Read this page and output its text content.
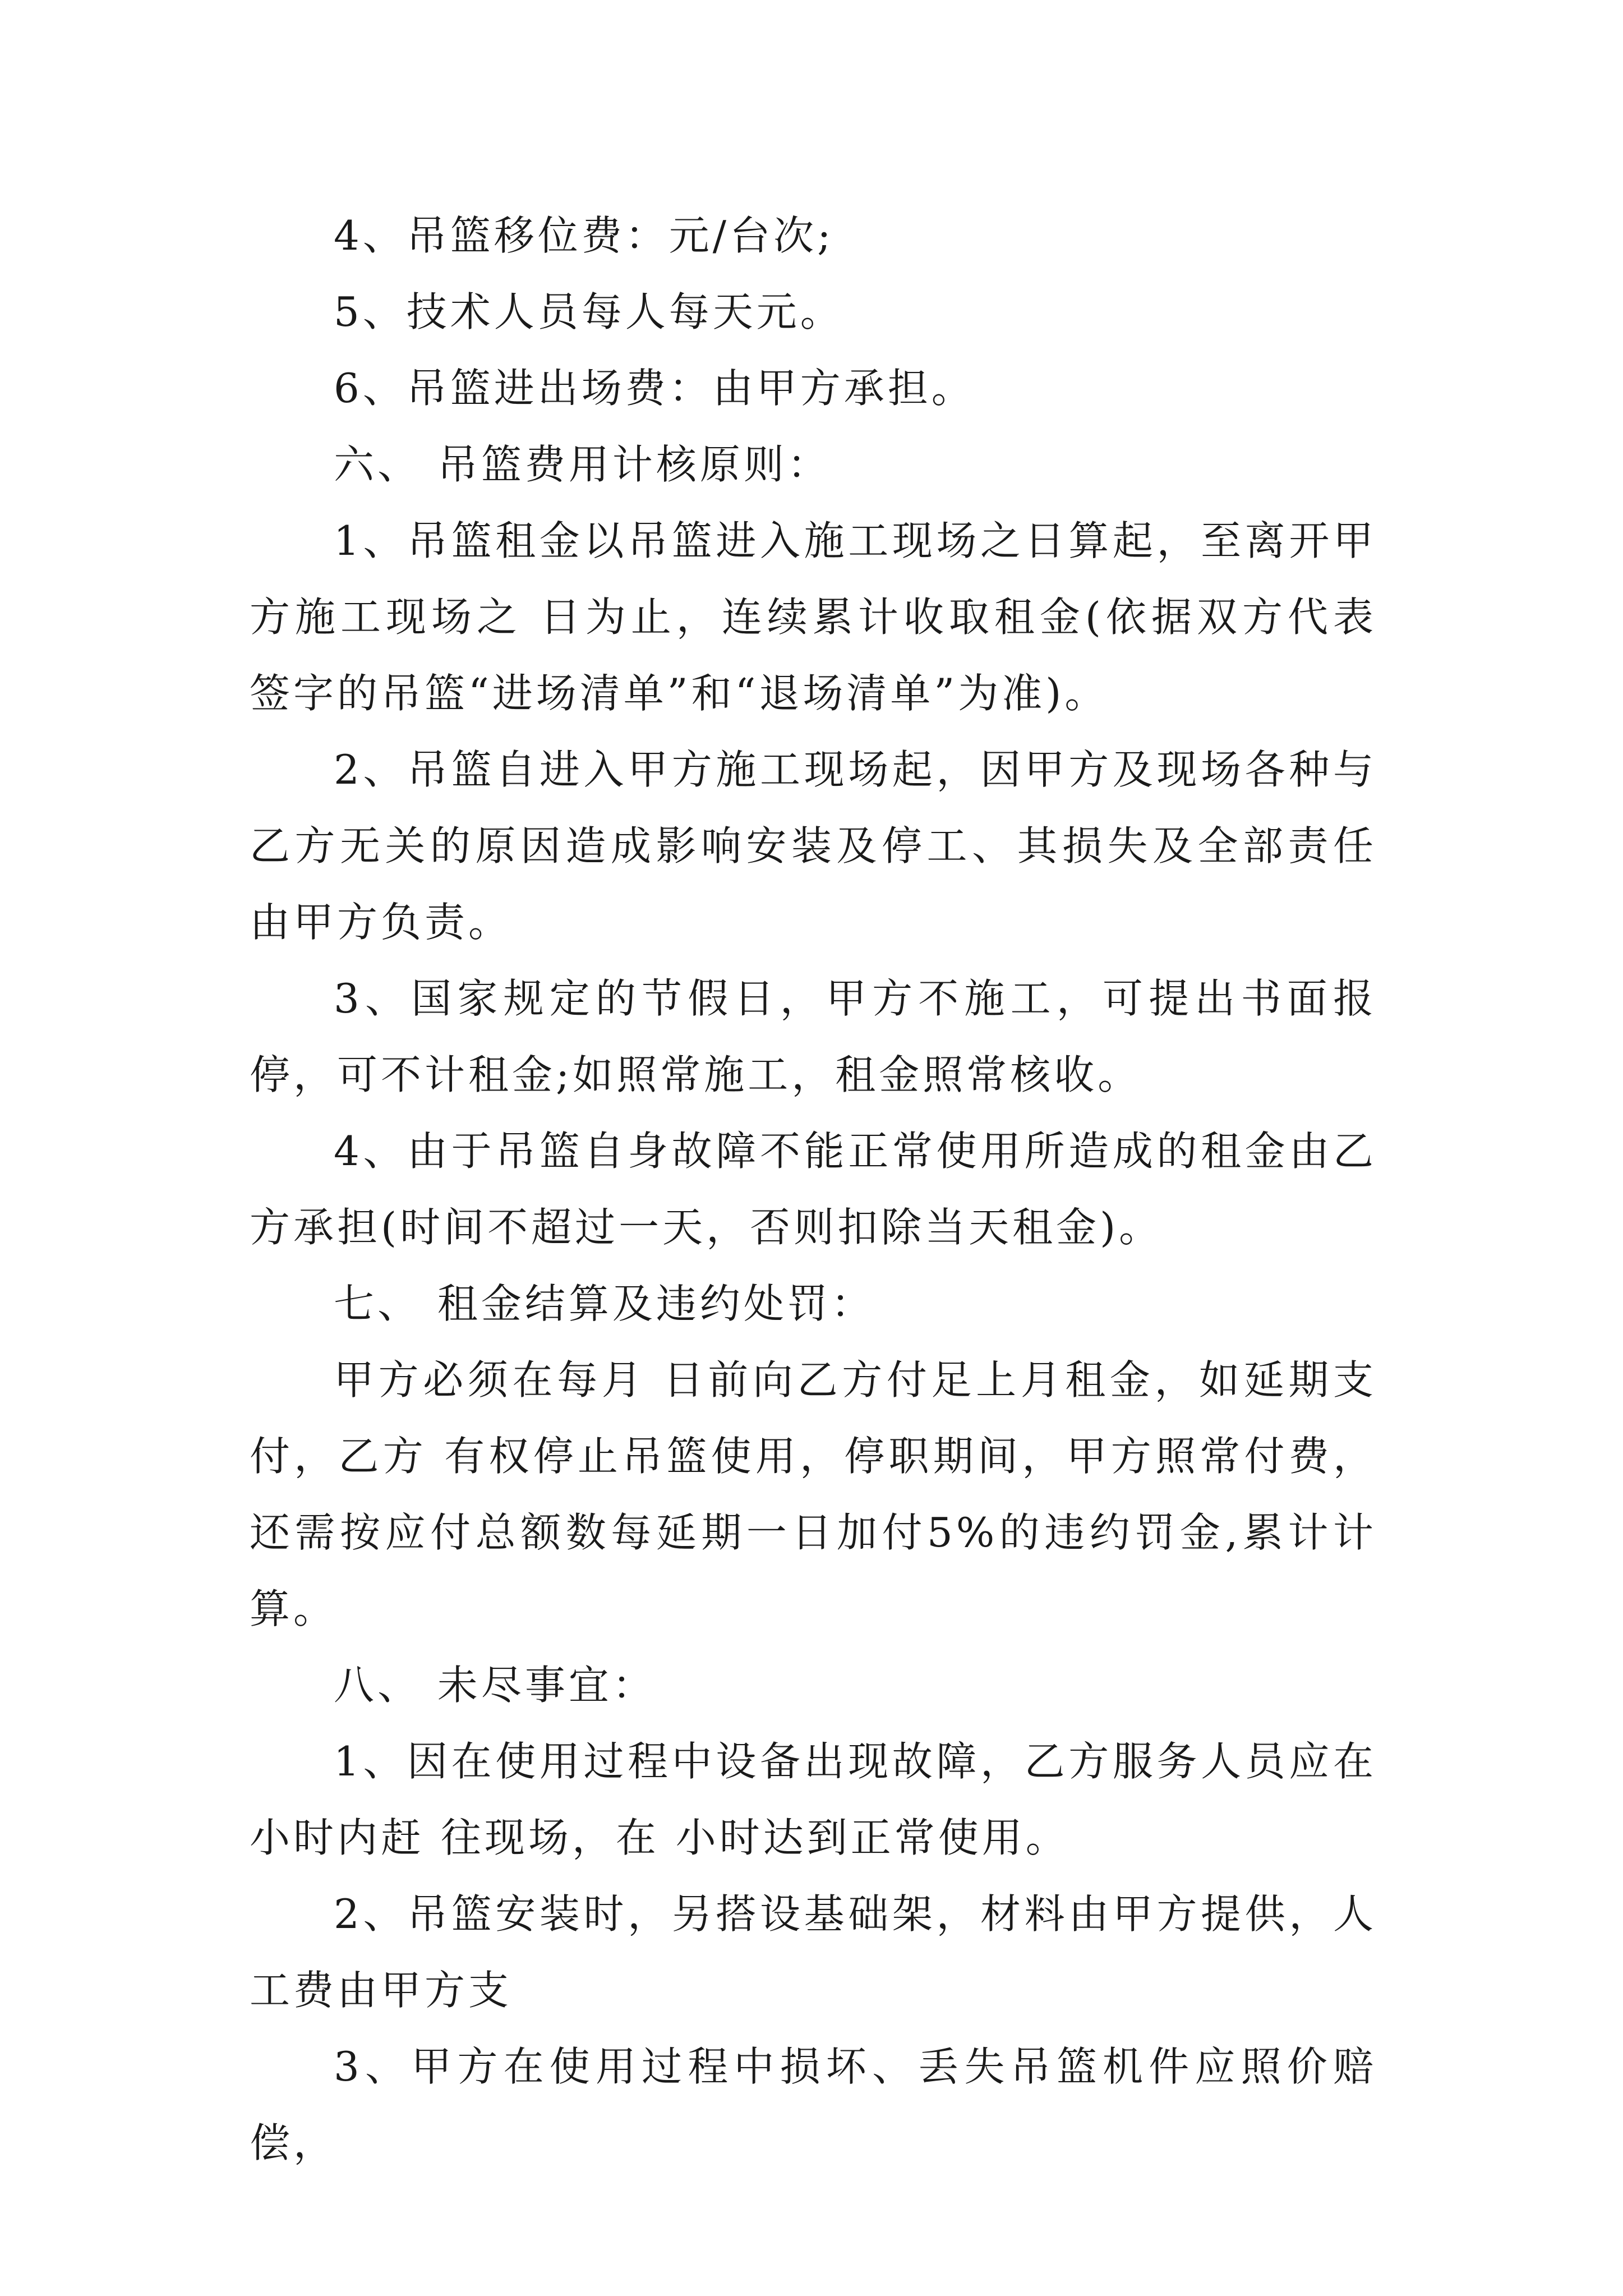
4、吊篮移位费：元/台次;

5、技术人员每人每天元。

6、吊篮进出场费：由甲方承担。

六、 吊篮费用计核原则：

1、吊篮租金以吊篮进入施工现场之日算起，至离开甲方施工现场之 日为止，连续累计收取租金(依据双方代表签字的吊篮“进场清单”和“退场清单”为准)。

2、吊篮自进入甲方施工现场起，因甲方及现场各种与乙方无关的原因造成影响安装及停工、其损失及全部责任由甲方负责。

3、国家规定的节假日，甲方不施工，可提出书面报停，可不计租金;如照常施工，租金照常核收。

4、由于吊篮自身故障不能正常使用所造成的租金由乙方承担(时间不超过一天，否则扣除当天租金)。

七、 租金结算及违约处罚：

甲方必须在每月 日前向乙方付足上月租金，如延期支付，乙方 有权停止吊篮使用，停职期间，甲方照常付费，还需按应付总额数每延期一日加付5%的违约罚金,累计计算。

八、 未尽事宜：

1、因在使用过程中设备出现故障，乙方服务人员应在小时内赶 往现场，在 小时达到正常使用。

2、吊篮安装时，另搭设基础架，材料由甲方提供，人工费由甲方支

3、甲方在使用过程中损坏、丢失吊篮机件应照价赔偿，
